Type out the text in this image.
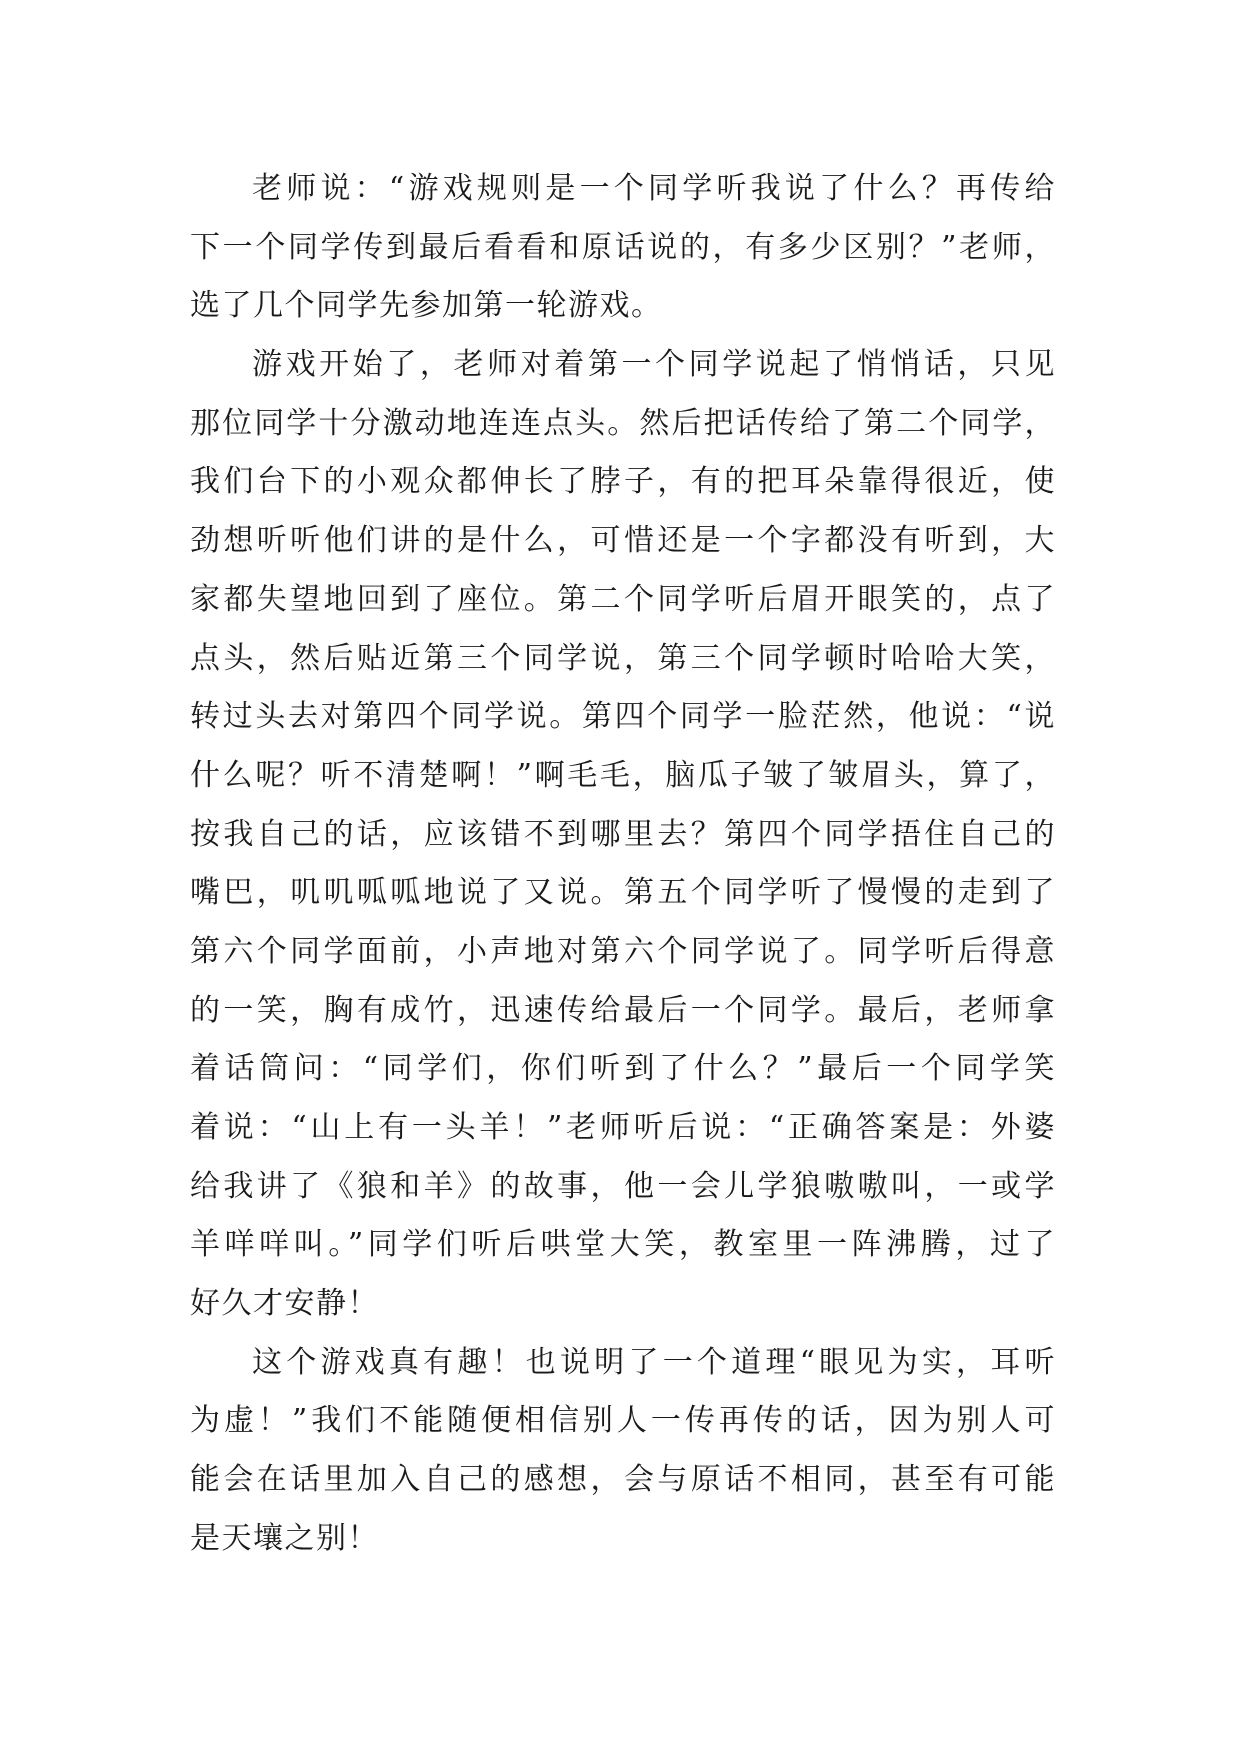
老师说：“游戏规则是一个同学听我说了什么？再传给
下一个同学传到最后看看和原话说的，有多少区别？”老师，
选了几个同学先参加第一轮游戏。
游戏开始了，老师对着第一个同学说起了悄悄话，只见
那位同学十分激动地连连点头。然后把话传给了第二个同学，
我们台下的小观众都伸长了脖子，有的把耳朵靠得很近，使
劲想听听他们讲的是什么，可惜还是一个字都没有听到，大
家都失望地回到了座位。第二个同学听后眉开眼笑的，点了
点头，然后贴近第三个同学说，第三个同学顿时哈哈大笑，
转过头去对第四个同学说。第四个同学一脸茫然，他说：“说
什么呢？听不清楚啊！”啊毛毛，脑瓜子皱了皱眉头，算了，
按我自己的话，应该错不到哪里去？第四个同学捂住自己的
嘴巴，叽叽呱呱地说了又说。第五个同学听了慢慢的走到了
第六个同学面前，小声地对第六个同学说了。同学听后得意
的一笑，胸有成竹，迅速传给最后一个同学。最后，老师拿
着话筒问：“同学们，你们听到了什么？”最后一个同学笑
着说：“山上有一头羊！”老师听后说：“正确答案是：外婆
给我讲了《狼和羊》的故事，他一会儿学狼嗷嗷叫，一或学
羊咩咩叫。”同学们听后哄堂大笑，教室里一阵沸腾，过了
好久才安静！
这个游戏真有趣！也说明了一个道理“眼见为实，耳听
为虚！”我们不能随便相信别人一传再传的话，因为别人可
能会在话里加入自己的感想，会与原话不相同，甚至有可能
是天壤之别！
